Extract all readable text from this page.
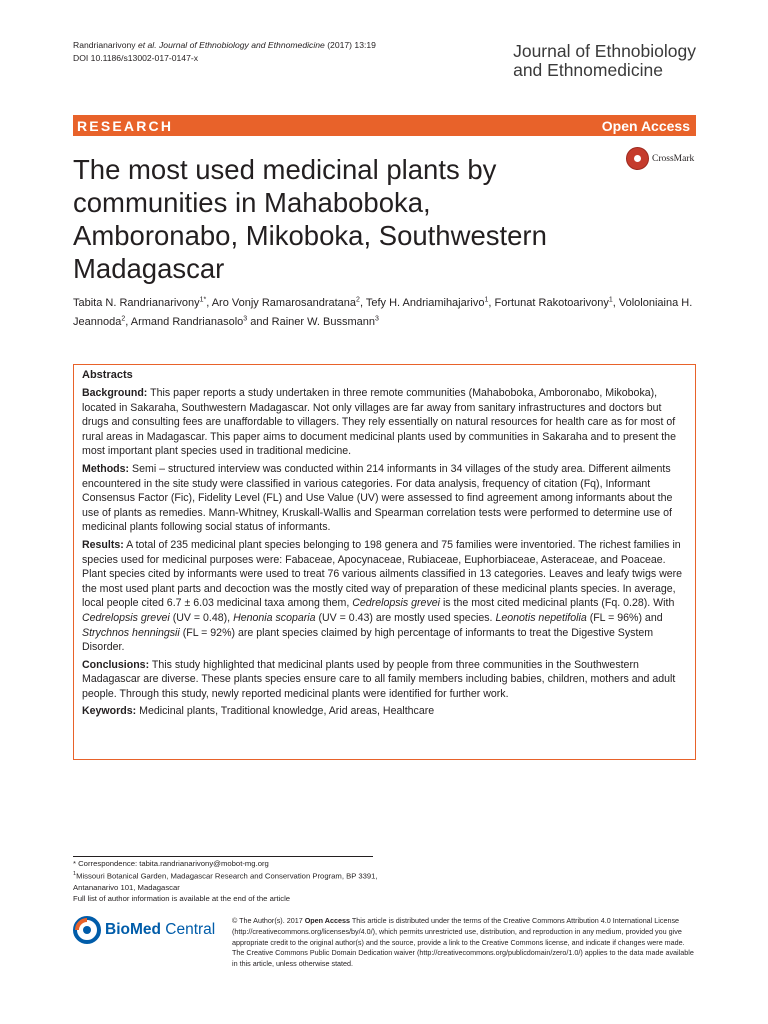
Randrianarivony et al. Journal of Ethnobiology and Ethnomedicine (2017) 13:19
DOI 10.1186/s13002-017-0147-x	Journal of Ethnobiology
and Ethnomedicine
RESEARCH	Open Access
CrossMark
The most used medicinal plants by communities in Mahaboboka, Amboronabo, Mikoboka, Southwestern Madagascar
Tabita N. Randrianarivony$^{1*}$, Aro Vonjy Ramarosandratana$^2$, Tefy H. Andriamihajarivo$^1$, Fortunat Rakotoarivony$^1$, Vololoniaina H. Jeannoda$^2$, Armand Randrianasolo$^3$ and Rainer W. Bussmann$^3$
Abstracts

Background: This paper reports a study undertaken in three remote communities (Mahaboboka, Amboronabo, Mikoboka), located in Sakaraha, Southwestern Madagascar. Not only villages are far away from sanitary infrastructures and doctors but drugs and consulting fees are unaffordable to villagers. They rely essentially on natural resources for health care as for most of rural areas in Madagascar. This paper aims to document medicinal plants used by communities in Sakaraha and to present the most important plant species used in traditional medicine.

Methods: Semi – structured interview was conducted within 214 informants in 34 villages of the study area. Different ailments encountered in the site study were classified in various categories. For data analysis, frequency of citation (Fq), Informant Consensus Factor (Fic), Fidelity Level (FL) and Use Value (UV) were assessed to find agreement among informants about the use of plants as remedies. Mann-Whitney, Kruskall-Wallis and Spearman correlation tests were performed to determine use of medicinal plants following social status of informants.

Results: A total of 235 medicinal plant species belonging to 198 genera and 75 families were inventoried. The richest families in species used for medicinal purposes were: Fabaceae, Apocynaceae, Rubiaceae, Euphorbiaceae, Asteraceae, and Poaceae. Plant species cited by informants were used to treat 76 various ailments classified in 13 categories. Leaves and leafy twigs were the most used plant parts and decoction was the mostly cited way of preparation of these medicinal plants species. In average, local people cited 6.7 ± 6.03 medicinal taxa among them, Cedrelopsis grevei is the most cited medicinal plants (Fq. 0.28). With Cedrelopsis grevei (UV = 0.48), Henonia scoparia (UV = 0.43) are mostly used species. Leonotis nepetifolia (FL = 96%) and Strychnos henningsii (FL = 92%) are plant species claimed by high percentage of informants to treat the Digestive System Disorder.

Conclusions: This study highlighted that medicinal plants used by people from three communities in the Southwestern Madagascar are diverse. These plants species ensure care to all family members including babies, children, mothers and adult people. Through this study, newly reported medicinal plants were identified for further work.

Keywords: Medicinal plants, Traditional knowledge, Arid areas, Healthcare

* Correspondence: tabita.randrianarivony@mobot-mg.org
$^1$Missouri Botanical Garden, Madagascar Research and Conservation Program, BP 3391, Antananarivo 101, Madagascar
Full list of author information is available at the end of the article
BioMed Central
© The Author(s). 2017 Open Access This article is distributed under the terms of the Creative Commons Attribution 4.0 International License (http://creativecommons.org/licenses/by/4.0/), which permits unrestricted use, distribution, and reproduction in any medium, provided you give appropriate credit to the original author(s) and the source, provide a link to the Creative Commons license, and indicate if changes were made. The Creative Commons Public Domain Dedication waiver (http://creativecommons.org/publicdomain/zero/1.0/) applies to the data made available in this article, unless otherwise stated.
